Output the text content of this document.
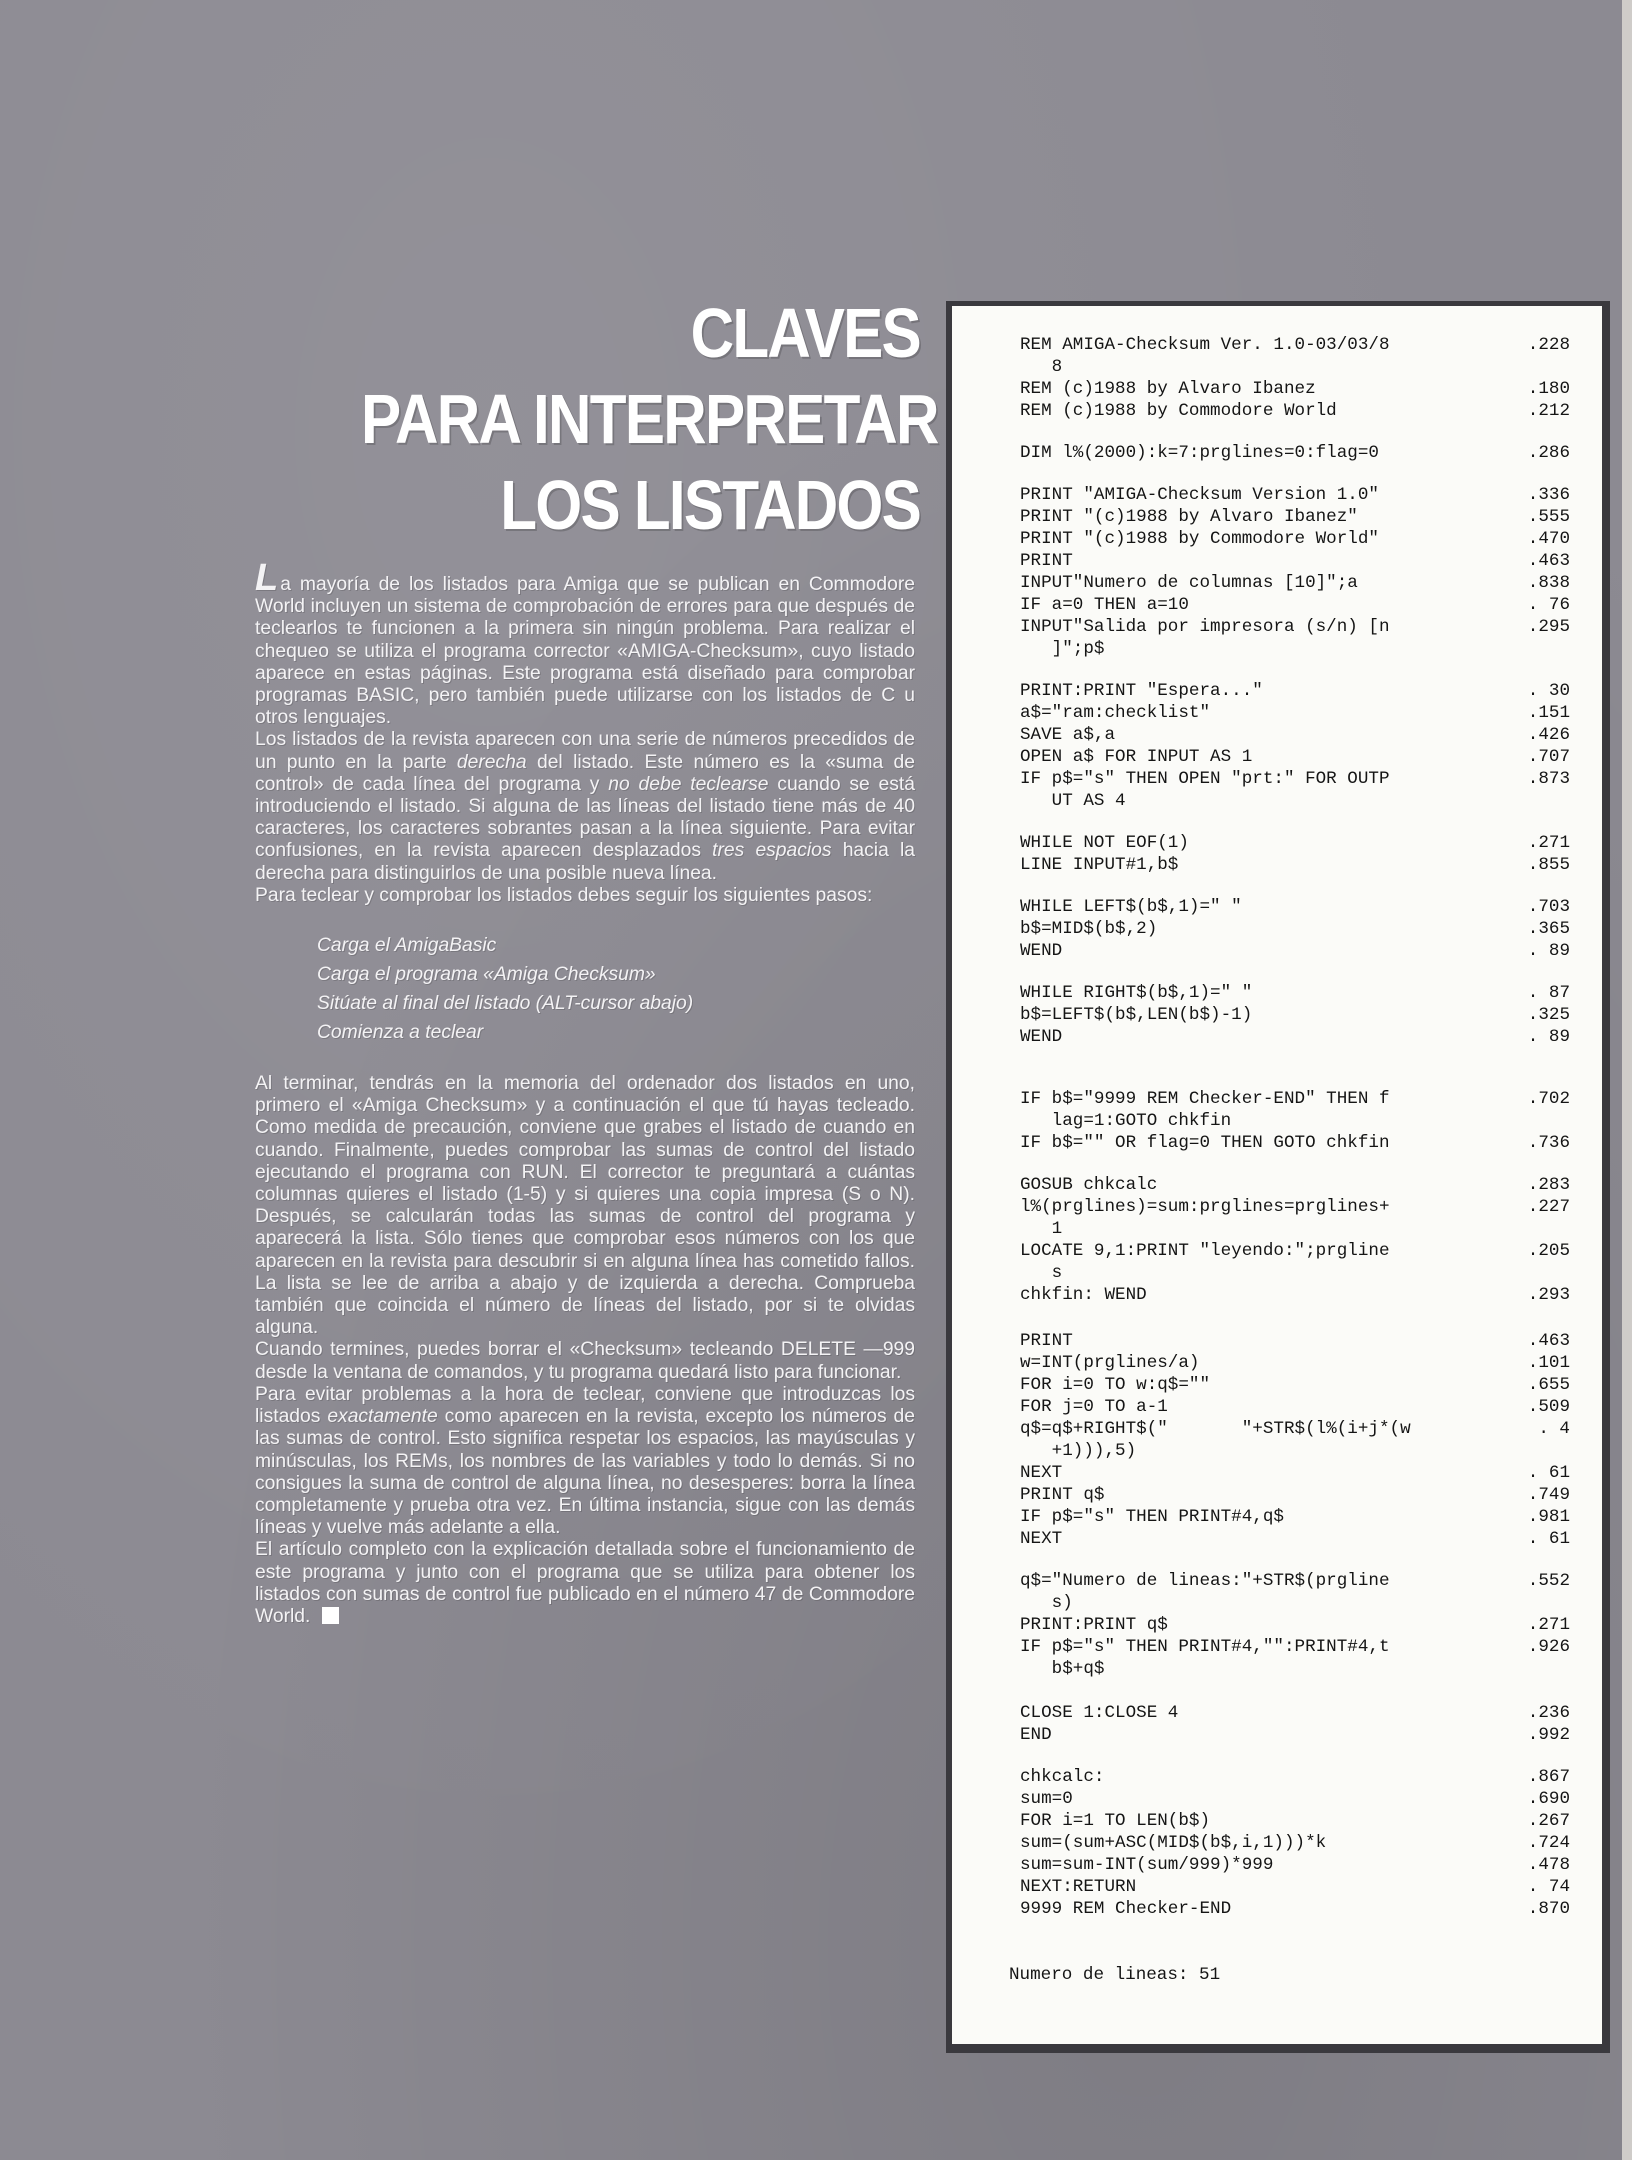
CLAVES
PARA INTERPRETAR
LOS LISTADOS

La mayoría de los listados para Amiga que se publican en Commodore World incluyen un sistema de comprobación de errores para que después de teclearlos te funcionen a la primera sin ningún problema. Para realizar el chequeo se utiliza el programa corrector «AMIGA-Checksum», cuyo listado aparece en estas páginas. Este programa está diseñado para comprobar programas BASIC, pero también puede utilizarse con los listados de C u otros lenguajes.

Los listados de la revista aparecen con una serie de números precedidos de un punto en la parte derecha del listado. Este número es la «suma de control» de cada línea del programa y no debe teclearse cuando se está introduciendo el listado. Si alguna de las líneas del listado tiene más de 40 caracteres, los caracteres sobrantes pasan a la línea siguiente. Para evitar confusiones, en la revista aparecen desplazados tres espacios hacia la derecha para distinguirlos de una posible nueva línea.

Para teclear y comprobar los listados debes seguir los siguientes pasos:

Carga el AmigaBasic
Carga el programa «Amiga Checksum»
Sitúate al final del listado (ALT-cursor abajo)
Comienza a teclear

Al terminar, tendrás en la memoria del ordenador dos listados en uno, primero el «Amiga Checksum» y a continuación el que tú hayas tecleado. Como medida de precaución, conviene que grabes el listado de cuando en cuando. Finalmente, puedes comprobar las sumas de control del listado ejecutando el programa con RUN. El corrector te preguntará a cuántas columnas quieres el listado (1-5) y si quieres una copia impresa (S o N). Después, se calcularán todas las sumas de control del programa y aparecerá la lista. Sólo tienes que comprobar esos números con los que aparecen en la revista para descubrir si en alguna línea has cometido fallos. La lista se lee de arriba a abajo y de izquierda a derecha. Comprueba también que coincida el número de líneas del listado, por si te olvidas alguna.

Cuando termines, puedes borrar el «Checksum» tecleando DELETE —999 desde la ventana de comandos, y tu programa quedará listo para funcionar.

Para evitar problemas a la hora de teclear, conviene que introduzcas los listados exactamente como aparecen en la revista, excepto los números de las sumas de control. Esto significa respetar los espacios, las mayúsculas y minúsculas, los REMs, los nombres de las variables y todo lo demás. Si no consigues la suma de control de alguna línea, no desesperes: borra la línea completamente y prueba otra vez. En última instancia, sigue con las demás líneas y vuelve más adelante a ella.

El artículo completo con la explicación detallada sobre el funcionamiento de este programa y junto con el programa que se utiliza para obtener los listados con sumas de control fue publicado en el número 47 de Commodore World.

Numero de lineas: 51
REM AMIGA-Checksum Ver. 1.0-03/03/8	.228
8
REM (c)1988 by Alvaro Ibanez	.180
REM (c)1988 by Commodore World	.212
DIM l%(2000):k=7:prglines=0:flag=0	.286
PRINT "AMIGA-Checksum Version 1.0"	.336
PRINT "(c)1988 by Alvaro Ibanez"	.555
PRINT "(c)1988 by Commodore World"	.470
PRINT	.463
INPUT"Numero de columnas [10]";a	.838
IF a=0 THEN a=10	. 76
INPUT"Salida por impresora (s/n) [n	.295
]";p$
PRINT:PRINT "Espera..."	. 30
a$="ram:checklist"	.151
SAVE a$,a	.426
OPEN a$ FOR INPUT AS 1	.707
IF p$="s" THEN OPEN "prt:" FOR OUTP	.873
UT AS 4
WHILE NOT EOF(1)	.271
LINE INPUT#1,b$	.855
WHILE LEFT$(b$,1)=" "	.703
b$=MID$(b$,2)	.365
WEND	. 89
WHILE RIGHT$(b$,1)=" "	. 87
b$=LEFT$(b$,LEN(b$)-1)	.325
WEND	. 89
IF b$="9999 REM Checker-END" THEN f	.702
lag=1:GOTO chkfin
IF b$="" OR flag=0 THEN GOTO chkfin	.736
GOSUB chkcalc	.283
l%(prglines)=sum:prglines=prglines+	.227
1
LOCATE 9,1:PRINT "leyendo:";prgline	.205
s
chkfin: WEND	.293
PRINT	.463
w=INT(prglines/a)	.101
FOR i=0 TO w:q$=""	.655
FOR j=0 TO a-1	.509
q$=q$+RIGHT$("       "+STR$(l%(i+j*(w	. 4
+1))),5)
NEXT	. 61
PRINT q$	.749
IF p$="s" THEN PRINT#4,q$	.981
NEXT	. 61
q$="Numero de lineas:"+STR$(prgline	.552
s)
PRINT:PRINT q$	.271
IF p$="s" THEN PRINT#4,"":PRINT#4,t	.926
b$+q$
CLOSE 1:CLOSE 4	.236
END	.992
chkcalc:	.867
sum=0	.690
FOR i=1 TO LEN(b$)	.267
sum=(sum+ASC(MID$(b$,i,1)))*k	.724
sum=sum-INT(sum/999)*999	.478
NEXT:RETURN	. 74
9999 REM Checker-END	.870
